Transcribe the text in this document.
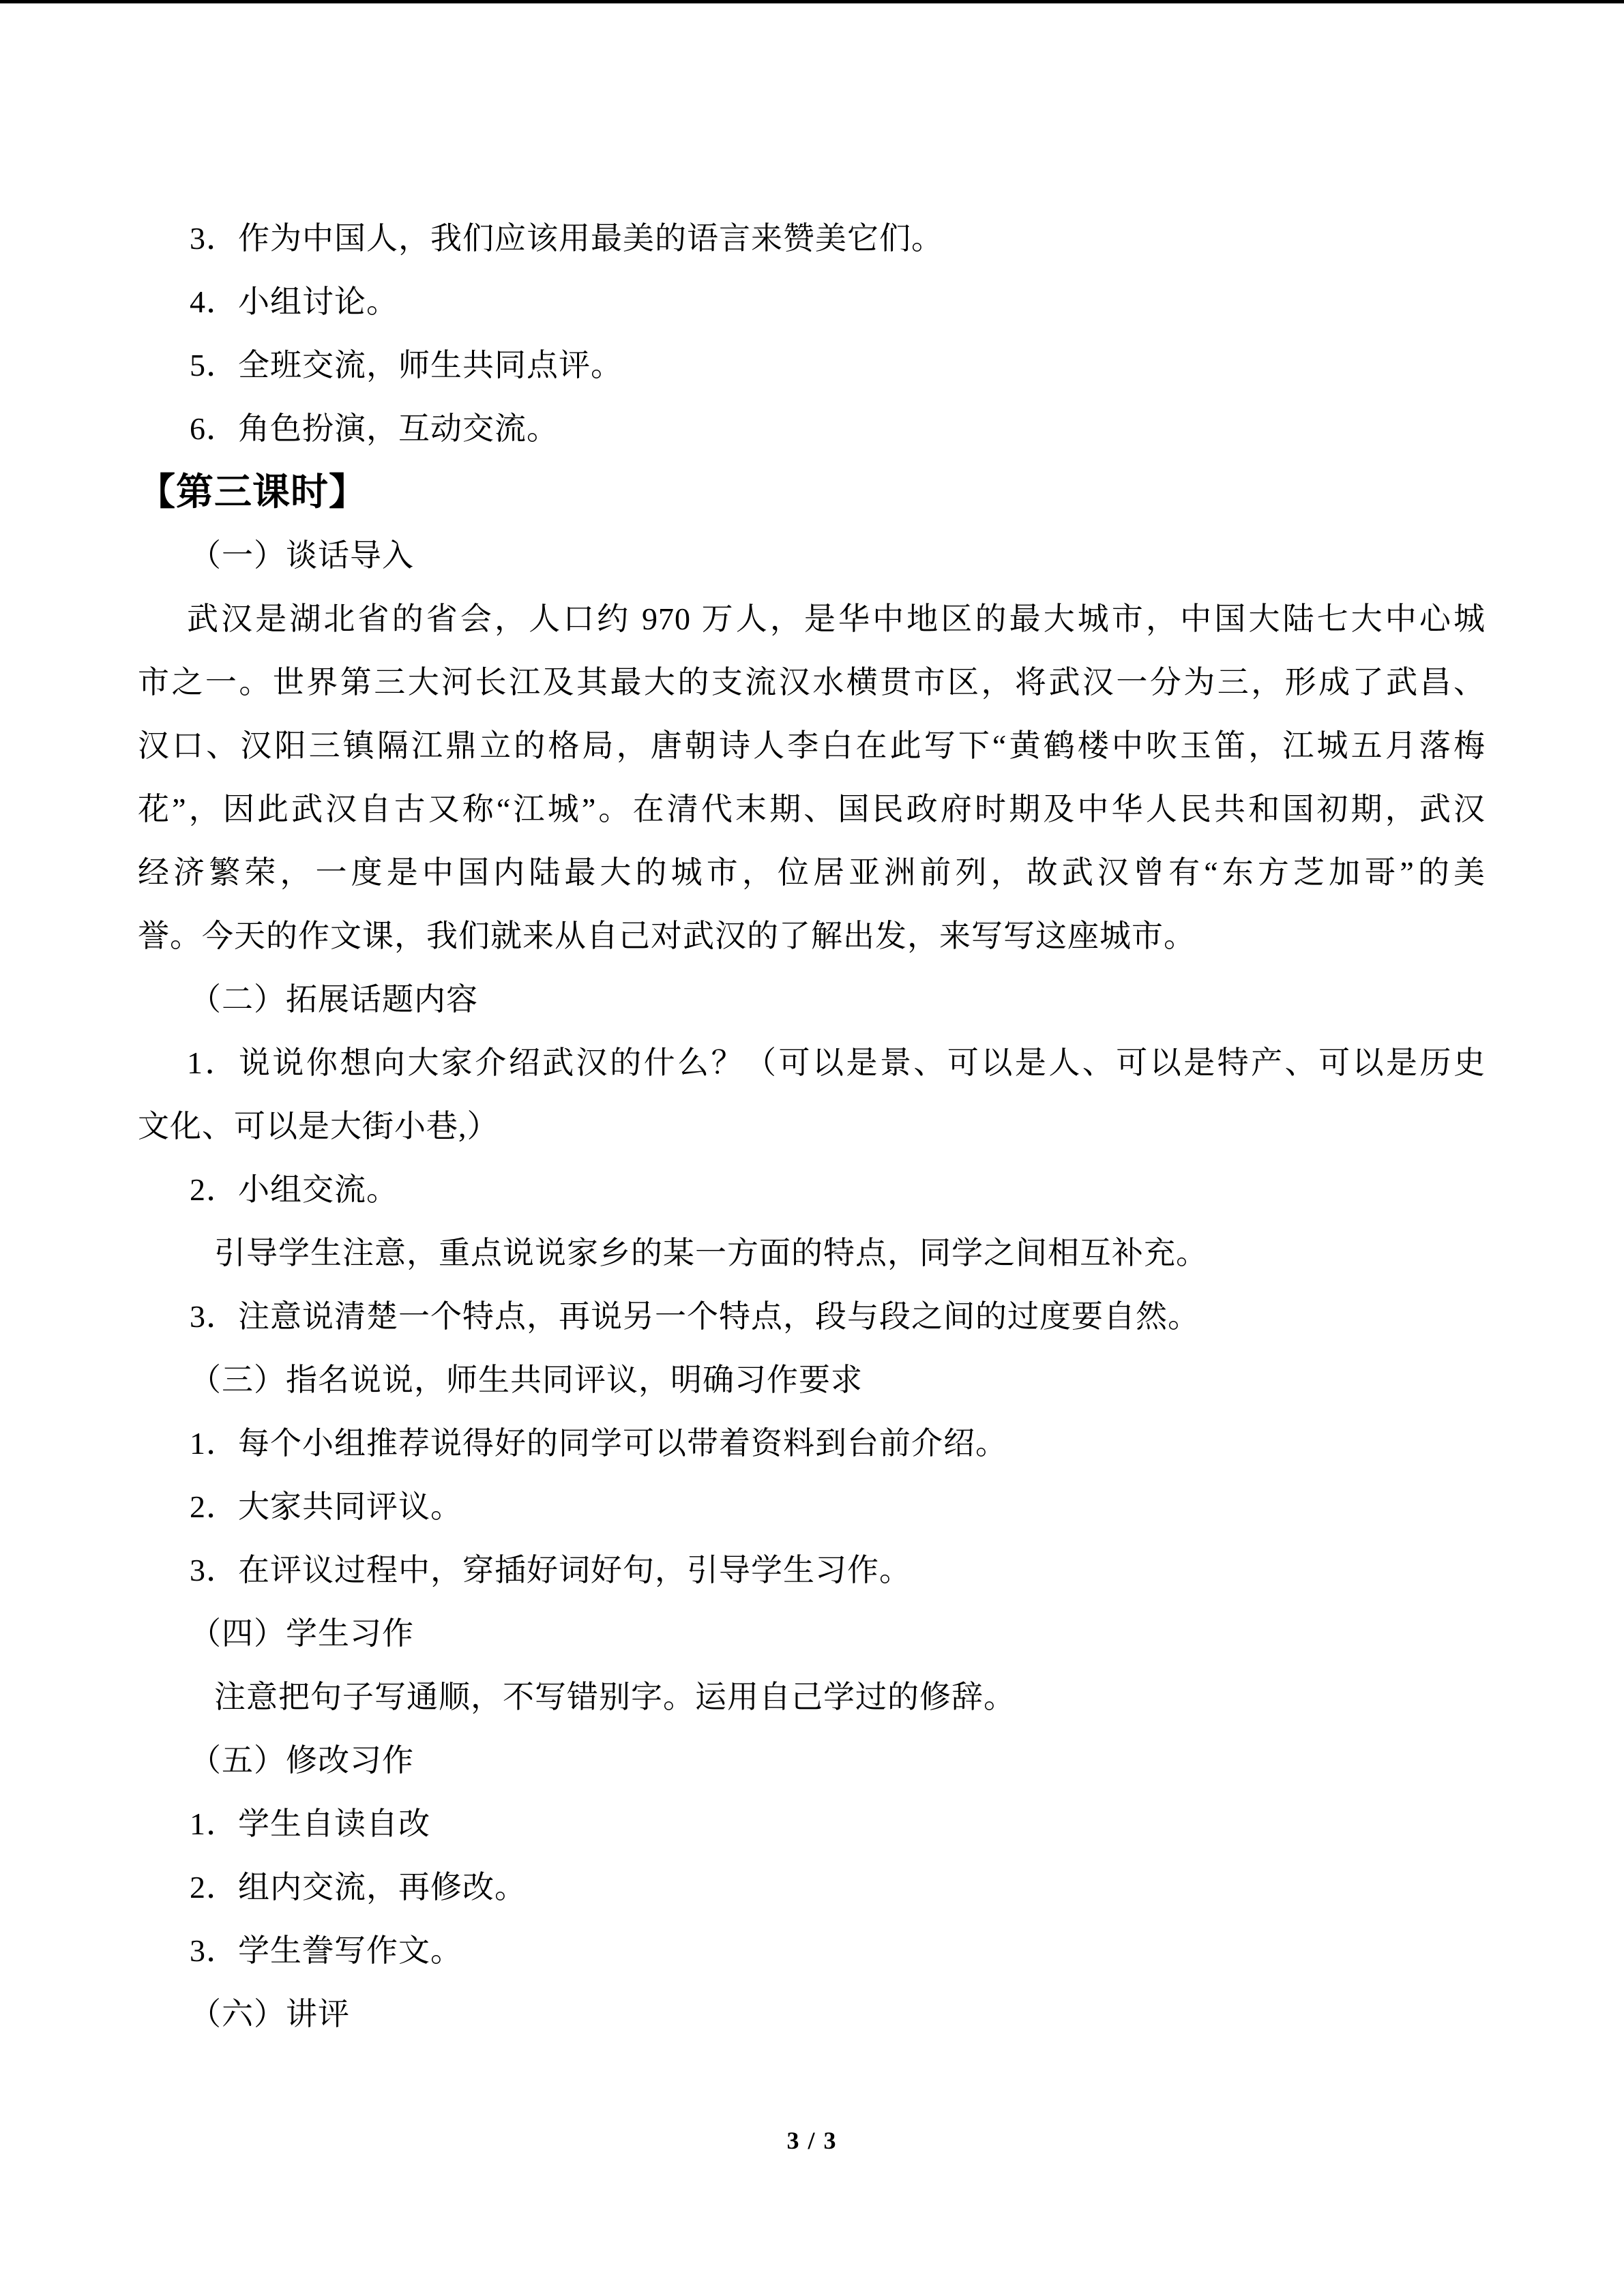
3．作为中国人，我们应该用最美的语言来赞美它们。
4．小组讨论。
5．全班交流，师生共同点评。
6．角色扮演，互动交流。
【第三课时】
（一）谈话导入
武汉是湖北省的省会，人口约 970 万人，是华中地区的最大城市，中国大陆七大中心城
市之一。世界第三大河长江及其最大的支流汉水横贯市区，将武汉一分为三，形成了武昌、
汉口、汉阳三镇隔江鼎立的格局，唐朝诗人李白在此写下“黄鹤楼中吹玉笛，江城五月落梅
花”，因此武汉自古又称“江城”。在清代末期、国民政府时期及中华人民共和国初期，武汉
经济繁荣，一度是中国内陆最大的城市，位居亚洲前列，故武汉曾有“东方芝加哥”的美
誉。今天的作文课，我们就来从自己对武汉的了解出发，来写写这座城市。
（二）拓展话题内容
1．说说你想向大家介绍武汉的什么？（可以是景、可以是人、可以是特产、可以是历史
文化、可以是大街小巷,）
2．小组交流。
引导学生注意，重点说说家乡的某一方面的特点，同学之间相互补充。
3．注意说清楚一个特点，再说另一个特点，段与段之间的过度要自然。
（三）指名说说，师生共同评议，明确习作要求
1．每个小组推荐说得好的同学可以带着资料到台前介绍。
2．大家共同评议。
3．在评议过程中，穿插好词好句，引导学生习作。
（四）学生习作
注意把句子写通顺，不写错别字。运用自己学过的修辞。
（五）修改习作
1．学生自读自改
2．组内交流，再修改。
3．学生誊写作文。
（六）讲评
3 / 3
